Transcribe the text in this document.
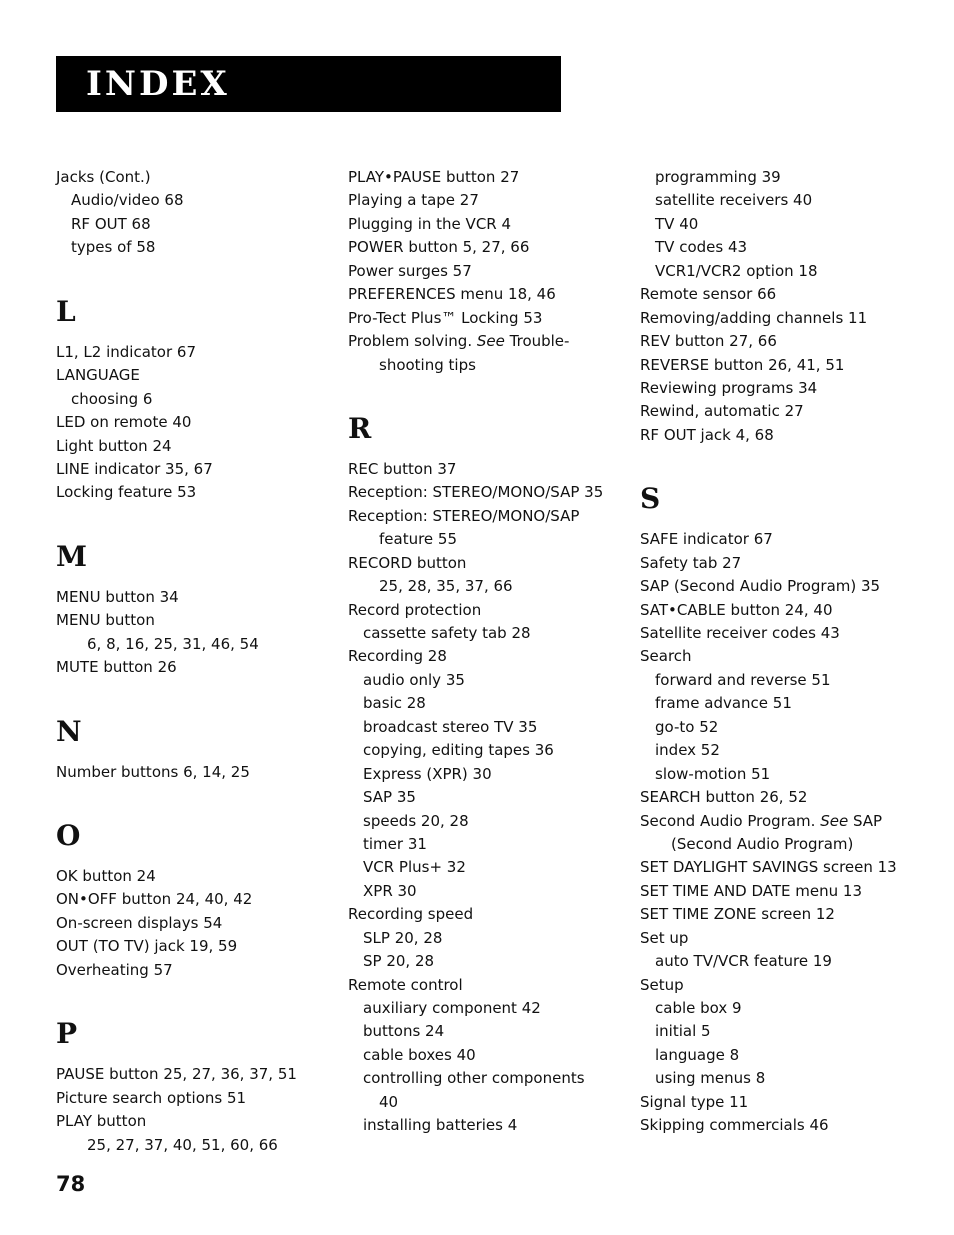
INDEX
Jacks (Cont.)
Audio/video 68
RF OUT 68
types of 58
L
L1, L2 indicator 67
LANGUAGE
choosing 6
LED on remote 40
Light button 24
LINE indicator 35, 67
Locking feature 53
M
MENU button 34
MENU button
6, 8, 16, 25, 31, 46, 54
MUTE button 26
N
Number buttons 6, 14, 25
O
OK button 24
ON•OFF button 24, 40, 42
On-screen displays 54
OUT (TO TV) jack 19, 59
Overheating 57
P
PAUSE button 25, 27, 36, 37, 51
Picture search options 51
PLAY button
25, 27, 37, 40, 51, 60, 66
PLAY•PAUSE button 27
Playing a tape 27
Plugging in the VCR 4
POWER button 5, 27, 66
Power surges 57
PREFERENCES menu 18, 46
Pro-Tect Plus™ Locking 53
Problem solving. See Trouble-
shooting tips
R
REC button 37
Reception: STEREO/MONO/SAP 35
Reception: STEREO/MONO/SAP
feature 55
RECORD button
25, 28, 35, 37, 66
Record protection
cassette safety tab 28
Recording 28
audio only 35
basic 28
broadcast stereo TV 35
copying, editing tapes 36
Express (XPR) 30
SAP 35
speeds 20, 28
timer 31
VCR Plus+ 32
XPR 30
Recording speed
SLP 20, 28
SP 20, 28
Remote control
auxiliary component 42
buttons 24
cable boxes 40
controlling other components
40
installing batteries 4
programming 39
satellite receivers 40
TV 40
TV codes 43
VCR1/VCR2 option 18
Remote sensor 66
Removing/adding channels 11
REV button 27, 66
REVERSE button 26, 41, 51
Reviewing programs 34
Rewind, automatic 27
RF OUT jack 4, 68
S
SAFE indicator 67
Safety tab 27
SAP (Second Audio Program) 35
SAT•CABLE button 24, 40
Satellite receiver codes 43
Search
forward and reverse 51
frame advance 51
go-to 52
index 52
slow-motion 51
SEARCH button 26, 52
Second Audio Program. See SAP
(Second Audio Program)
SET DAYLIGHT SAVINGS screen 13
SET TIME AND DATE menu 13
SET TIME ZONE screen 12
Set up
auto TV/VCR feature 19
Setup
cable box 9
initial 5
language 8
using menus 8
Signal type 11
Skipping commercials 46
78
